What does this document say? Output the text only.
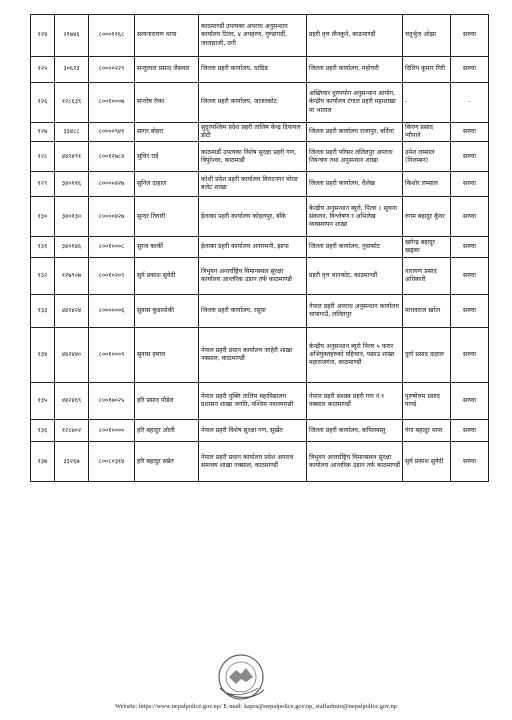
१२४	२१७४६	८०००११६८	सत्यनारायण थापा	काठमाण्डौं उपत्यका अपराध अनुसन्धान कार्यालय टिलर, ४ अपहरण, गुण्डागर्दी, जालसाजी, ठगी	प्रहरी वृत्त तीनकुने, काठमाण्डौं	चतुर्भुज ओझा	सरुवा
१२५	३०६२३	८००००२२९	सन्तुलाल प्रसाद जैसवार	जिल्ला प्रहरी कार्यालय, धादिङ	जिल्ला प्रहरी कार्यालय, महोत्तरी	दिलिप कुमार गिरी	सरुवा
१२६	१२८६३९	८००१०००७	सन्तोष रोका	जिल्ला प्रहरी कार्यालय, जाजरकोट	अख्तियार दुरुपयोग अनुसन्धान आयोग, केन्द्रीय कार्यालय टंगाल प्रहरी महाशाखा मा भाताल	-	-
१२७	३३४८८	८००००९४१	सागर बोहरा	सुदुरपश्चिम प्रदेश प्रहरी तालिम केन्द्र दिपायल डोटी	जिल्ला प्रहरी कार्यालय राजापुर, बर्दिया	किरण प्रसाद न्यौपाने	सरुवा
१२८	४४२४९१	८००१२७८४	सुधिर राई	काठमाडौं उपत्यका विशेष सुरक्षा प्रहरी गण, त्रिपुरेश्वर, काठमाडौं	जिल्ला प्रहरी परिसर ललितपुर अपराध नियन्त्रण तथा अनुसन्धान शाखा	उमेश लम्साल (निलम्बन)	सरुवा
१२९	३४०११६	८००००४२७	सुनिल दाहाल	कोशी प्रदेश प्रहरी कार्यालय विराटनगर मोरङ बजेट शाखा	जिल्ला प्रहरी कार्यालय, धैलेख	किशोर लम्साल	सरुवा
१३०	३४०१३०	८००००४२७	सुन्दर तिवारी	ईलाका प्रहरी कार्यालय कोहलपुर, बाँके	केन्द्रीय अनुसन्धान ब्यूरो, पिलर ८ सूचना संकलन, विश्लेषण र अभिलेख व्यवस्थापन शाखा	रुगम बहादुर कुँवर	सरुवा
१३१	३४०१४६	८००१०००८	सुरज कार्की	ईलाका प्रहरी कार्यालय अनारमनी, झापा	जिल्ला प्रहरी कार्यालय, नुवाकोट	खगेन्द्र बहादुर खड्का	सरुवा
१३२	१२७९०७	८००१०२०९	सुर्य प्रकाश सुवेदी	त्रिभुवन अन्तर्राष्ट्रिय विमानस्थल सुरक्षा कार्यालय आन्तरिक उडान तर्फ काठमाण्डौ	प्रहरी वृत्त थानकोट, काठमाण्डौं	नारायण प्रसाद अधिकारी	सरुवा
१३३	४४२४२४	८००००००६	सुवास कुडाथोकी	जिल्ला प्रहरी कार्यालय, रसुवा	नेपाल प्रहरी अपराध अनुसन्धान कार्यालय चापागाउँ, ललितपुर	माधवराज खरेल	सरुवा
१३४	४४२४४०	८००१०००९	सुवास हमाल	नेपाल प्रहरी प्रधान कार्यालय जाहेरी शाखा नक्साल, काठमाण्डौं	केन्द्रीय अनुसन्धान ब्यूरो पिलर ५ फरार अभियुक्तहरुको पहिचान, पक्राउ शाखा महाराजगंज, काठमाण्डौं	दुर्गा प्रसाद दाहाल	सरुवा
१३५	४४२४६९	८००१७०२५	हरि प्रसाद पौडेल	नेपाल प्रहरी युक्ति तालिम महाविद्यालय प्रशासन शाखा जगति, पश्चिम नवलपरासी	नेपाल प्रहरी सशस्त्र प्रहरी गण नं.१ नक्साल काठमाण्डौं	पुरुषोत्तम प्रसाद पाण्डे	सरुवा
१३६	१२८७०२	८००१००००	हरि बहादुर ओली	नेपाल प्रहरी विशेष सुरक्षा गण, सुर्खेत	जिल्ला प्रहरी कार्यालय, कपिलवस्तु	गंगा बहादुर थापा	सरुवा
१३७	३३२६७	८००८०३१४	हरि बहादुर सन्नेत	नेपाल प्रहरी प्रधान कार्यालय प्रदेश अपराध समन्वय शाखा नक्साल, काठमाण्डौं	त्रिभुवन अन्तर्राष्ट्रिय विमानस्थल सुरक्षा कार्यालय आन्तरिक उडान तर्फ काठमाण्डौं	सुर्य प्रकाश सुवेदी	सरुवा
Website: https://www.nepalpolice.gov.np/ E-mail: kapra@nepalpolice.gov.np, staffadmin@nepalpolice.gov.np
